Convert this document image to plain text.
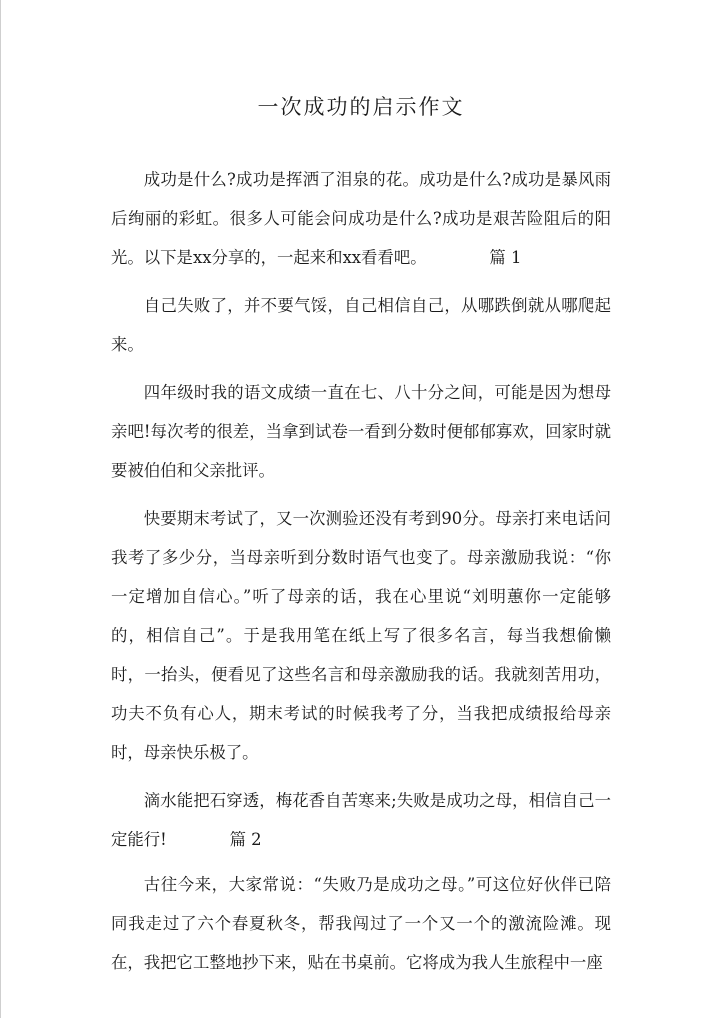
一次成功的启示作文

成功是什么?成功是挥洒了泪泉的花。成功是什么?成功是暴风雨后绚丽的彩虹。很多人可能会问成功是什么?成功是艰苦险阻后的阳光。以下是xx分享的，一起来和xx看看吧。	篇 1

自己失败了，并不要气馁，自己相信自己，从哪跌倒就从哪爬起来。

四年级时我的语文成绩一直在七、八十分之间，可能是因为想母亲吧!每次考的很差，当拿到试卷一看到分数时便郁郁寡欢，回家时就要被伯伯和父亲批评。

快要期末考试了，又一次测验还没有考到90分。母亲打来电话问我考了多少分，当母亲听到分数时语气也变了。母亲激励我说：“你一定增加自信心。”听了母亲的话，我在心里说“刘明蕙你一定能够的，相信自己”。于是我用笔在纸上写了很多名言，每当我想偷懒时，一抬头，便看见了这些名言和母亲激励我的话。我就刻苦用功，功夫不负有心人，期末考试的时候我考了分，当我把成绩报给母亲时，母亲快乐极了。

滴水能把石穿透，梅花香自苦寒来;失败是成功之母，相信自己一定能行!	篇 2

古往今来，大家常说：“失败乃是成功之母。”可这位好伙伴已陪同我走过了六个春夏秋冬，帮我闯过了一个又一个的激流险滩。现在，我把它工整地抄下来，贴在书桌前。它将成为我人生旅程中一座
